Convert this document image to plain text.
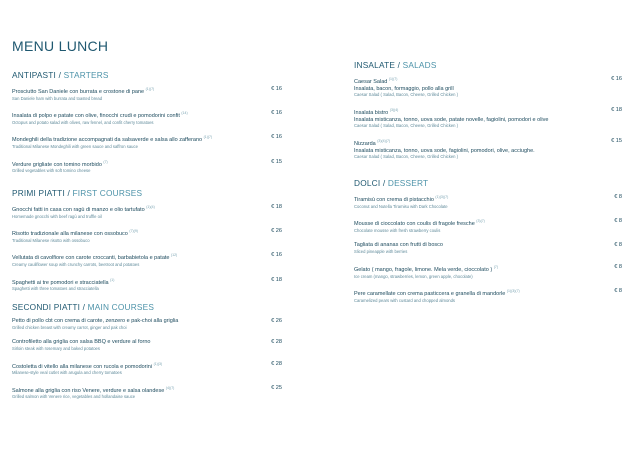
MENU LUNCH
ANTIPASTI / STARTERS
Prosciutto San Daniele con burrata e crostone di pane $^{(1)(7)}$
San Daniele ham with burrata and toasted bread
€ 16
Insalata di polpo e patate con olive, finocchi crudi e pomodorini confit $^{(14)}$
Octopus and potato salad with olives, raw fennel, and confit cherry tomatoes
€ 16
Mondeghili della tradizione accompagnati da salsaverde e salsa allo zafferano $^{(1)(7)}$
Traditional Milanese Mondeghili with green sauce and saffron sauce
€ 16
Verdure grigliate con tomino morbido $^{(7)}$
Grilled vegetables with soft tomino cheese
€ 15
PRIMI PIATTI / FIRST COURSES
Gnocchi fatti in casa con ragù di manzo e olio tartufato $^{(1)(4)}$
Homemade gnocchi with beef ragù and truffle oil
€ 18
Risotto tradizionale alla milanese con ossobuco $^{(7)(9)}$
Traditional Milanese risotto with ossobuco
€ 26
Vellutata di cavolfiore con carote croccanti, barbabietola e patate $^{(12)}$
Creamy cauliflower soup with crunchy carrots, beetroot and potatoes
€ 16
Spaghetti ai tre pomodori e stracciatella $^{(1)}$
Spaghetti with three tomatoes and stracciatella
€ 18
SECONDI PIATTI / MAIN COURSES
Petto di pollo cbt con crema di carote, zenzero e pak-choi alla griglia
Grilled chicken breast with creamy carrot, ginger and pak choi
€ 26
Controfiletto alla griglia con salsa BBQ e verdure al forno
Sirloin steak with rosemary and baked potatoes
€ 28
Costoletta di vitello alla milanese con rucola e pomodorini $^{(1)(3)}$
Milanese-style veal cutlet with arugula and cherry tomatoes
€ 28
Salmone alla griglia con riso Venere, verdure e salsa olandese $^{(4)(7)}$
Grilled salmon with Venere rice, vegetables and hollandaise sauce
€ 25
INSALATE / SALADS
Caesar Salad $^{(1)(7)}$
Insalata, bacon, formaggio, pollo alla grill
Caesar Salad ( Salad, Bacon, Cheese, Grilled Chicken )
€ 16
Insalata bistro $^{(3)(4)}$
Insalata misticanza, tonno, uova sode, patate novelle, fagiolini, pomodori e olive
Caesar Salad ( Salad, Bacon, Cheese, Grilled Chicken )
€ 18
Nizzarda $^{(3)(4)(7)}$
Insalata misticanza, tonno, uova sode, fagiolini, pomodori, olive, acciughe.
Caesar Salad ( Salad, Bacon, Cheese, Grilled Chicken )
€ 15
DOLCI / DESSERT
Tiramisù con crema di pistacchio $^{(1)(3)(7)}$
Coconut and Nutella Tiramisu with Dark Chocolate
€ 8
Mousse di cioccolato con coulis di fragole fresche $^{(3)(7)}$
Chocolate mousse with fresh strawberry coulis
€ 8
Tagliata di ananas con frutti di bosco
Sliced pineapple with berries
€ 8
Gelato ( mango, fragole, limone. Mela verde, cioccolato ) $^{(7)}$
Ice cream (mango, strawberries, lemon, green apple, chocolate)
€ 8
Pere caramellate con crema pasticcera e granella di mandorle $^{(1)(3)(7)}$
Caramelized pears with custard and chopped almonds
€ 8
